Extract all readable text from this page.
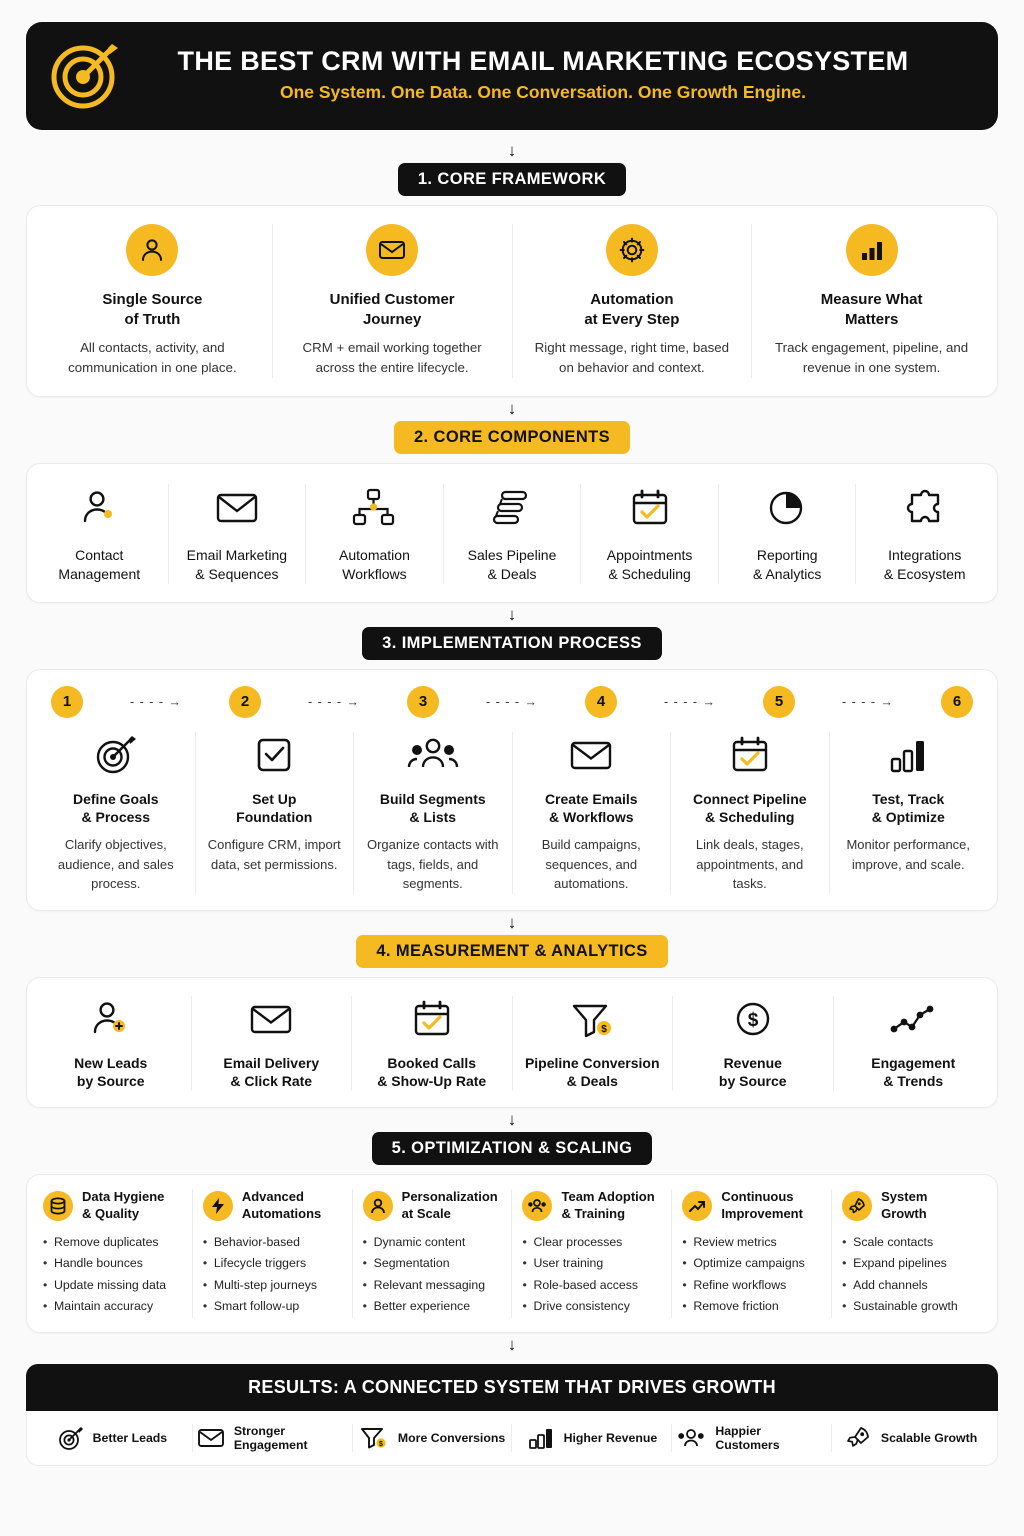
THE BEST CRM WITH EMAIL MARKETING ECOSYSTEM
One System. One Data. One Conversation. One Growth Engine.
↓
1. CORE FRAMEWORK
Single Source
of Truth
All contacts, activity, and communication in one place.
Unified Customer
Journey
CRM + email working together across the entire lifecycle.
Automation
at Every Step
Right message, right time, based on behavior and context.
Measure What
Matters
Track engagement, pipeline, and revenue in one system.
↓
2. CORE COMPONENTS
Contact
Management
Email Marketing
& Sequences
Automation
Workflows
Sales Pipeline
& Deals
Appointments
& Scheduling
Reporting
& Analytics
Integrations
& Ecosystem
↓
3. IMPLEMENTATION PROCESS
1	- - - - →	2	- - - - →	3	- - - - →	4	- - - - →	5	- - - - →	6
Define Goals
& Process
Clarify objectives, audience, and sales process.
Set Up
Foundation
Configure CRM, import data, set permissions.
Build Segments
& Lists
Organize contacts with tags, fields, and segments.
Create Emails
& Workflows
Build campaigns, sequences, and automations.
Connect Pipeline
& Scheduling
Link deals, stages, appointments, and tasks.
Test, Track
& Optimize
Monitor performance, improve, and scale.
↓
4. MEASUREMENT & ANALYTICS
New Leads
by Source
Email Delivery
& Click Rate
Booked Calls
& Show-Up Rate
$
Pipeline Conversion
& Deals
$
Revenue
by Source
Engagement
& Trends
↓
5. OPTIMIZATION & SCALING
Data Hygiene
& Quality
• Remove duplicates
• Handle bounces
• Update missing data
• Maintain accuracy
Advanced
Automations
• Behavior-based
• Lifecycle triggers
• Multi-step journeys
• Smart follow-up
Personalization
at Scale
• Dynamic content
• Segmentation
• Relevant messaging
• Better experience
Team Adoption
& Training
• Clear processes
• User training
• Role-based access
• Drive consistency
Continuous
Improvement
• Review metrics
• Optimize campaigns
• Refine workflows
• Remove friction
System
Growth
• Scale contacts
• Expand pipelines
• Add channels
• Sustainable growth
↓
RESULTS: A CONNECTED SYSTEM THAT DRIVES GROWTH
Better Leads	Stronger Engagement	$ More Conversions	Higher Revenue	Happier Customers	Scalable Growth
